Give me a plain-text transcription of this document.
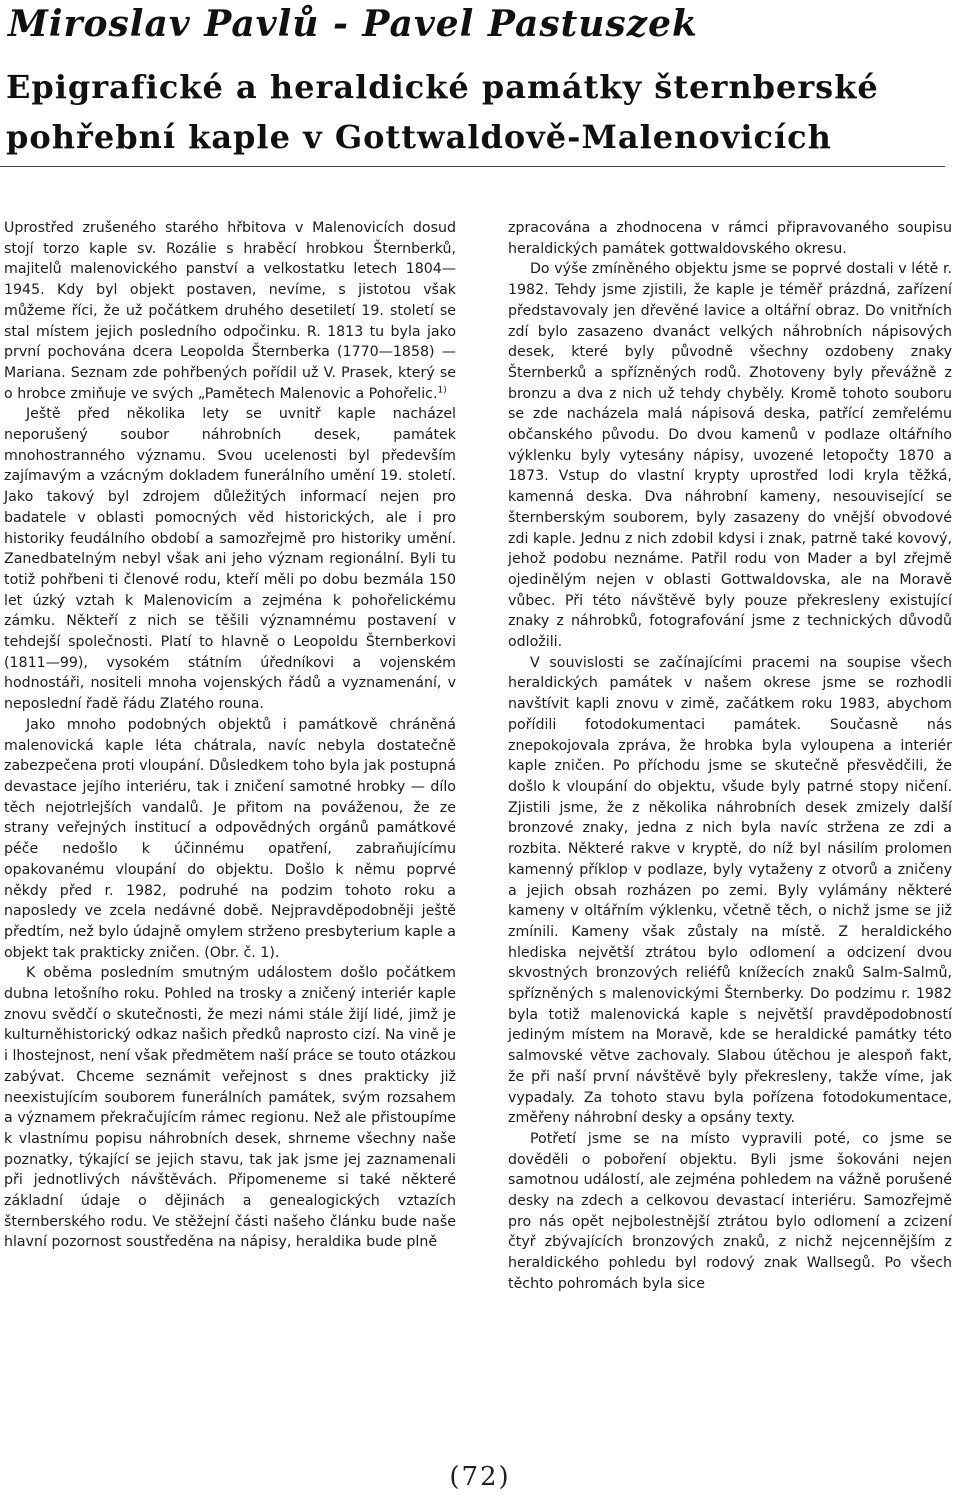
Miroslav Pavlů - Pavel Pastuszek
Epigrafické a heraldické památky šternberské
pohřební kaple v Gottwaldově-Malenovicích

Uprostřed zrušeného starého hřbitova v Malenovicích dosud stojí torzo kaple sv. Rozálie s hraběcí hrobkou Šternberků, majitelů malenovického panství a velkostatku letech 1804—1945. Kdy byl objekt postaven, nevíme, s jistotou však můžeme říci, že už počátkem druhého desetiletí 19. století se stal místem jejich posledního odpočinku. R. 1813 tu byla jako první pochována dcera Leopolda Šternberka (1770—1858) — Mariana. Seznam zde pohřbených pořídil už V. Prasek, který se o hrobce zmiňuje ve svých „Pamětech Malenovic a Pohořelic.$^{1)}$

Ještě před několika lety se uvnitř kaple nacházel neporušený soubor náhrobních desek, památek mnohostranného významu. Svou ucelenosti byl především zajímavým a vzácným dokladem funerálního umění 19. století. Jako takový byl zdrojem důležitých informací nejen pro badatele v oblasti pomocných věd historických, ale i pro historiky feudálního období a samozřejmě pro historiky umění. Zanedbatelným nebyl však ani jeho význam regionální. Byli tu totiž pohřbeni ti členové rodu, kteří měli po dobu bezmála 150 let úzký vztah k Malenovicím a zejména k pohořelickému zámku. Někteří z nich se těšili významnému postavení v tehdejší společnosti. Platí to hlavně o Leopoldu Šternberkovi (1811—99), vysokém státním úředníkovi a vojenském hodnostáři, nositeli mnoha vojenských řádů a vyznamenání, v neposlední řadě řádu Zlatého rouna.

Jako mnoho podobných objektů i památkově chráněná malenovická kaple léta chátrala, navíc nebyla dostatečně zabezpečena proti vloupání. Důsledkem toho byla jak postupná devastace jejího interiéru, tak i zničení samotné hrobky — dílo těch nejotrlejších vandalů. Je přitom na pováženou, že ze strany veřejných institucí a odpovědných orgánů památkové péče nedošlo k účinnému opatření, zabraňujícímu opakovanému vloupání do objektu. Došlo k němu poprvé někdy před r. 1982, podruhé na podzim tohoto roku a naposledy ve zcela nedávné době. Nejpravděpodobněji ještě předtím, než bylo údajně omylem strženo presbyterium kaple a objekt tak prakticky zničen. (Obr. č. 1).

K oběma posledním smutným událostem došlo počátkem dubna letošního roku. Pohled na trosky a zničený interiér kaple znovu svědčí o skutečnosti, že mezi námi stále žijí lidé, jimž je kulturněhistorický odkaz našich předků naprosto cizí. Na vině je i lhostejnost, není však předmětem naší práce se touto otázkou zabývat. Chceme seznámit veřejnost s dnes prakticky již neexistujícím souborem funerálních památek, svým rozsahem a významem překračujícím rámec regionu. Než ale přistoupíme k vlastnímu popisu náhrobních desek, shrneme všechny naše poznatky, týkající se jejich stavu, tak jak jsme jej zaznamenali při jednotlivých návštěvách. Připomeneme si také některé základní údaje o dějinách a genealogických vztazích šternberského rodu. Ve stěžejní části našeho článku bude naše hlavní pozornost soustředěna na nápisy, heraldika bude plně

zpracována a zhodnocena v rámci připravovaného soupisu heraldických památek gottwaldovského okresu.

Do výše zmíněného objektu jsme se poprvé dostali v létě r. 1982. Tehdy jsme zjistili, že kaple je téměř prázdná, zařízení představovaly jen dřevěné lavice a oltářní obraz. Do vnitřních zdí bylo zasazeno dvanáct velkých náhrobních nápisových desek, které byly původně všechny ozdobeny znaky Šternberků a spřízněných rodů. Zhotoveny byly převážně z bronzu a dva z nich už tehdy chyběly. Kromě tohoto souboru se zde nacházela malá nápisová deska, patřící zemřelému občanského původu. Do dvou kamenů v podlaze oltářního výklenku byly vytesány nápisy, uvozené letopočty 1870 a 1873. Vstup do vlastní krypty uprostřed lodi kryla těžká, kamenná deska. Dva náhrobní kameny, nesouvisející se šternberským souborem, byly zasazeny do vnější obvodové zdi kaple. Jednu z nich zdobil kdysi i znak, patrně také kovový, jehož podobu neznáme. Patřil rodu von Mader a byl zřejmě ojedinělým nejen v oblasti Gottwaldovska, ale na Moravě vůbec. Při této návštěvě byly pouze překresleny existující znaky z náhrobků, fotografování jsme z technických důvodů odložili.

V souvislosti se začínajícími pracemi na soupise všech heraldických památek v našem okrese jsme se rozhodli navštívit kapli znovu v zimě, začátkem roku 1983, abychom pořídili fotodokumentaci památek. Současně nás znepokojovala zpráva, že hrobka byla vyloupena a interiér kaple zničen. Po příchodu jsme se skutečně přesvědčili, že došlo k vloupání do objektu, všude byly patrné stopy ničení. Zjistili jsme, že z několika náhrobních desek zmizely další bronzové znaky, jedna z nich byla navíc stržena ze zdi a rozbita. Některé rakve v kryptě, do níž byl násilím prolomen kamenný příklop v podlaze, byly vytaženy z otvorů a zničeny a jejich obsah rozházen po zemi. Byly vylámány některé kameny v oltářním výklenku, včetně těch, o nichž jsme se již zmínili. Kameny však zůstaly na místě. Z heraldického hlediska největší ztrátou bylo odlomení a odcizení dvou skvostných bronzových reliéfů knížecích znaků Salm-Salmů, spřízněných s malenovickými Šternberky. Do podzimu r. 1982 byla totiž malenovická kaple s největší pravděpodobností jediným místem na Moravě, kde se heraldické památky této salmovské větve zachovaly. Slabou útěchou je alespoň fakt, že při naší první návštěvě byly překresleny, takže víme, jak vypadaly. Za tohoto stavu byla pořízena fotodokumentace, změřeny náhrobní desky a opsány texty.

Potřetí jsme se na místo vypravili poté, co jsme se dověděli o poboření objektu. Byli jsme šokováni nejen samotnou událostí, ale zejména pohledem na vážně porušené desky na zdech a celkovou devastací interiéru. Samozřejmě pro nás opět nejbolestnější ztrátou bylo odlomení a zcizení čtyř zbývajících bronzových znaků, z nichž nejcennějším z heraldického pohledu byl rodový znak Wallsegů. Po všech těchto pohromách byla sice

(72)
